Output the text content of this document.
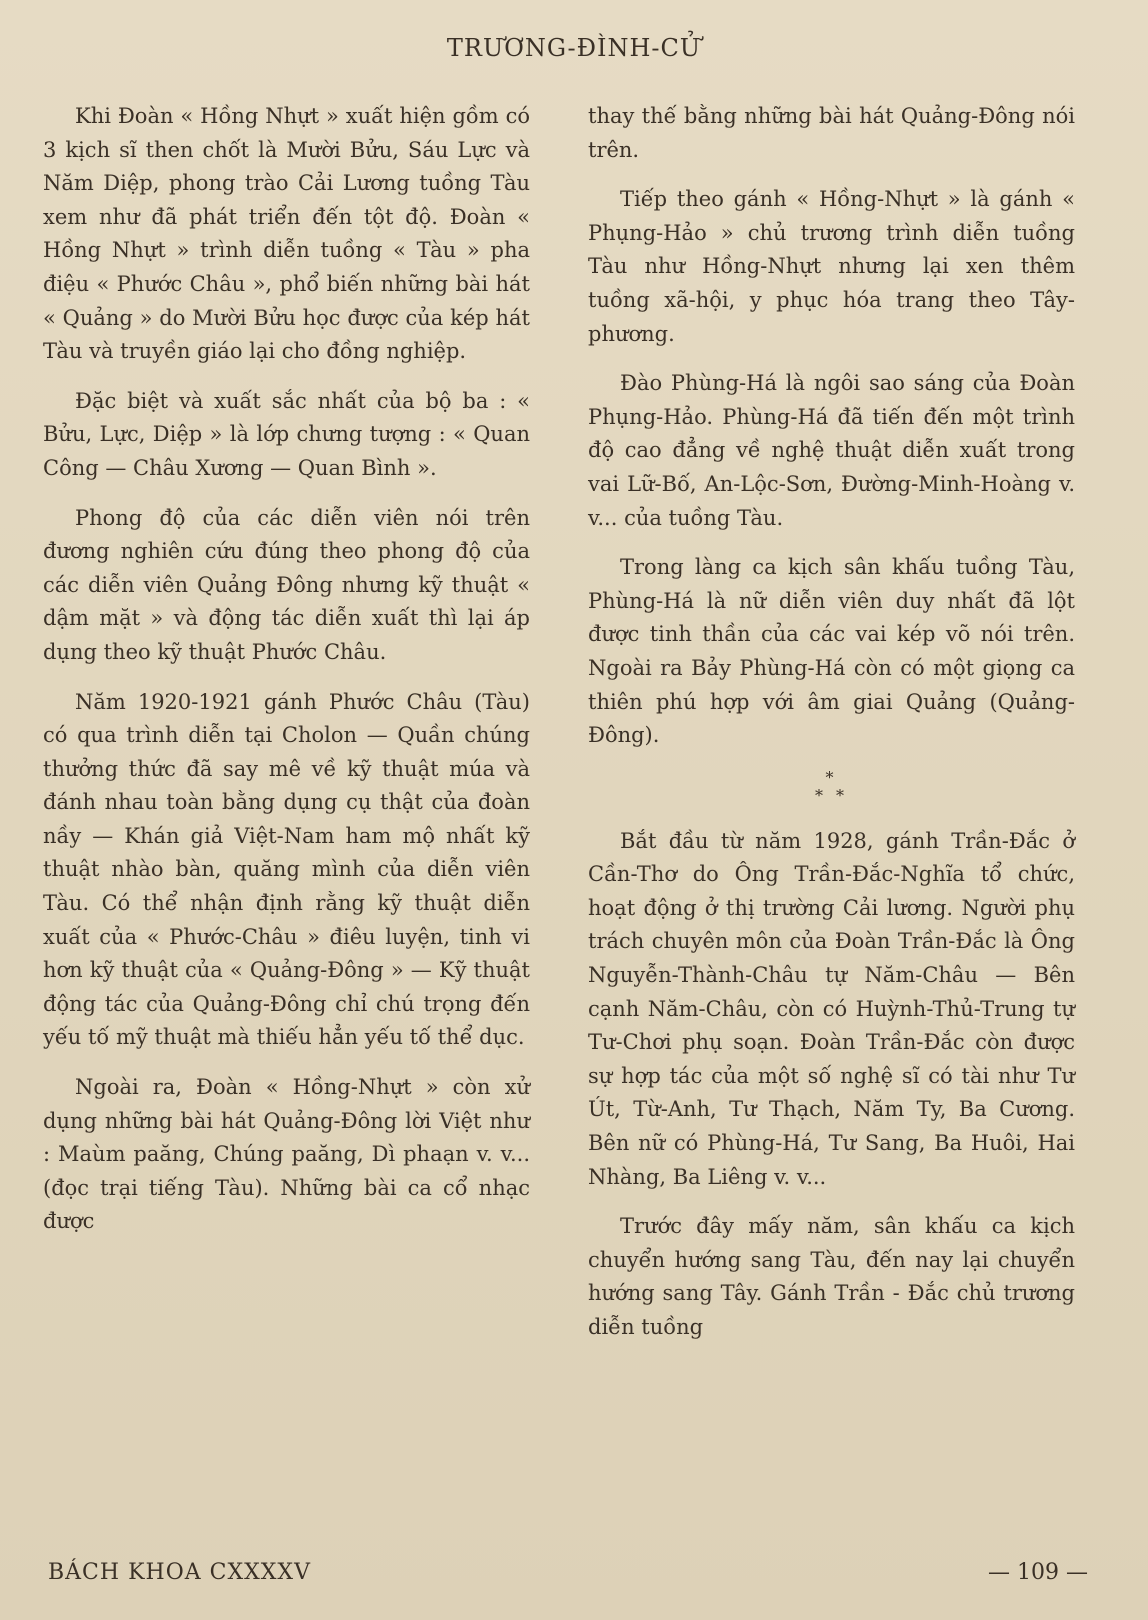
TRƯƠNG-ĐÌNH-CỬ

Khi Đoàn « Hồng Nhựt » xuất hiện gồm có 3 kịch sĩ then chốt là Mười Bửu, Sáu Lực và Năm Diệp, phong trào Cải Lương tuồng Tàu xem như đã phát triển đến tột độ. Đoàn « Hồng Nhựt » trình diễn tuồng « Tàu » pha điệu « Phước Châu », phổ biến những bài hát « Quảng » do Mười Bửu học được của kép hát Tàu và truyền giáo lại cho đồng nghiệp.

Đặc biệt và xuất sắc nhất của bộ ba : « Bửu, Lực, Diệp » là lớp chưng tượng : « Quan Công — Châu Xương — Quan Bình ».

Phong độ của các diễn viên nói trên đương nghiên cứu đúng theo phong độ của các diễn viên Quảng Đông nhưng kỹ thuật « dậm mặt » và động tác diễn xuất thì lại áp dụng theo kỹ thuật Phước Châu.

Năm 1920-1921 gánh Phước Châu (Tàu) có qua trình diễn tại Cholon — Quần chúng thưởng thức đã say mê về kỹ thuật múa và đánh nhau toàn bằng dụng cụ thật của đoàn nầy — Khán giả Việt-Nam ham mộ nhất kỹ thuật nhào bàn, quăng mình của diễn viên Tàu. Có thể nhận định rằng kỹ thuật diễn xuất của « Phước-Châu » điêu luyện, tinh vi hơn kỹ thuật của « Quảng-Đông » — Kỹ thuật động tác của Quảng-Đông chỉ chú trọng đến yếu tố mỹ thuật mà thiếu hẳn yếu tố thể dục.

Ngoài ra, Đoàn « Hồng-Nhựt » còn xử dụng những bài hát Quảng-Đông lời Việt như : Maùm paăng, Chúng paăng, Dì phaạn v. v... (đọc trại tiếng Tàu). Những bài ca cổ nhạc được

thay thế bằng những bài hát Quảng-Đông nói trên.

Tiếp theo gánh « Hồng-Nhựt » là gánh « Phụng-Hảo » chủ trương trình diễn tuồng Tàu như Hồng-Nhựt nhưng lại xen thêm tuồng xã-hội, y phục hóa trang theo Tây-phương.

Đào Phùng-Há là ngôi sao sáng của Đoàn Phụng-Hảo. Phùng-Há đã tiến đến một trình độ cao đẳng về nghệ thuật diễn xuất trong vai Lữ-Bố, An-Lộc-Sơn, Đường-Minh-Hoàng v. v... của tuồng Tàu.

Trong làng ca kịch sân khấu tuồng Tàu, Phùng-Há là nữ diễn viên duy nhất đã lột được tinh thần của các vai kép võ nói trên. Ngoài ra Bảy Phùng-Há còn có một giọng ca thiên phú hợp với âm giai Quảng (Quảng-Đông).

*
* *

Bắt đầu từ năm 1928, gánh Trần-Đắc ở Cần-Thơ do Ông Trần-Đắc-Nghĩa tổ chức, hoạt động ở thị trường Cải lương. Người phụ trách chuyên môn của Đoàn Trần-Đắc là Ông Nguyễn-Thành-Châu tự Năm-Châu — Bên cạnh Năm-Châu, còn có Huỳnh-Thủ-Trung tự Tư-Chơi phụ soạn. Đoàn Trần-Đắc còn được sự hợp tác của một số nghệ sĩ có tài như Tư Út, Từ-Anh, Tư Thạch, Năm Ty, Ba Cương. Bên nữ có Phùng-Há, Tư Sang, Ba Huôi, Hai Nhàng, Ba Liêng v. v...

Trước đây mấy năm, sân khấu ca kịch chuyển hướng sang Tàu, đến nay lại chuyển hướng sang Tây. Gánh Trần - Đắc chủ trương diễn tuồng

BÁCH KHOA CXXXXV	— 109 —
